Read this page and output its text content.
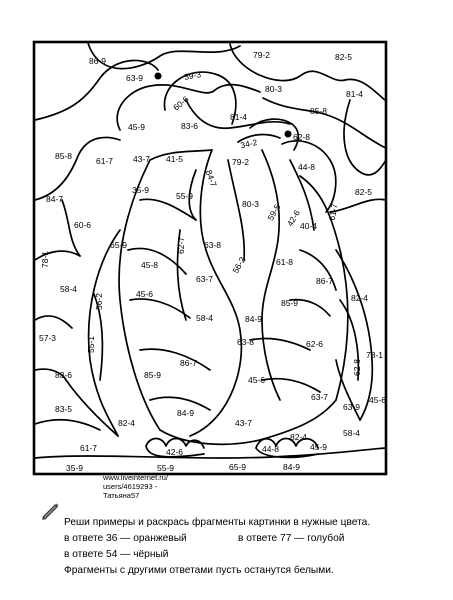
86-9
79-2	82-5
63-9	39-3
80-3	81-4
60-6	85-8
45-9	83-6
81-4
34-2
62-8
85-8	61-7 43-7 41-5	79-2	44-8
84-7
35-9
55-9	82-5
84-7	80-3 59-5 42-6	61-7
60-6	40-4
65-9	62-7 63-8
78-1	45-8	56-2	61-8
58-4
63-7	86-7
45-6
56-2	82-4
85-9
58-4	84-9
57-3	55-1	63-8	62-6
78-1
86-7	62-8
83-6	85-9	45-6
63-7
83-5	84-9
63-9
45-6
82-4	43-7
58-4
82-4
61-7	42-6	44-8	45-9
35-9	55-9	65-9	84-9
www.liveinternet.ru/
users/4619293 -
Татьяна57
Реши примеры и раскрась фрагменты картинки в нужные цвета.
в ответе 36 — оранжевый	в ответе 77 — голубой
в ответе 54 — чёрный
Фрагменты с другими ответами пусть останутся белыми.
